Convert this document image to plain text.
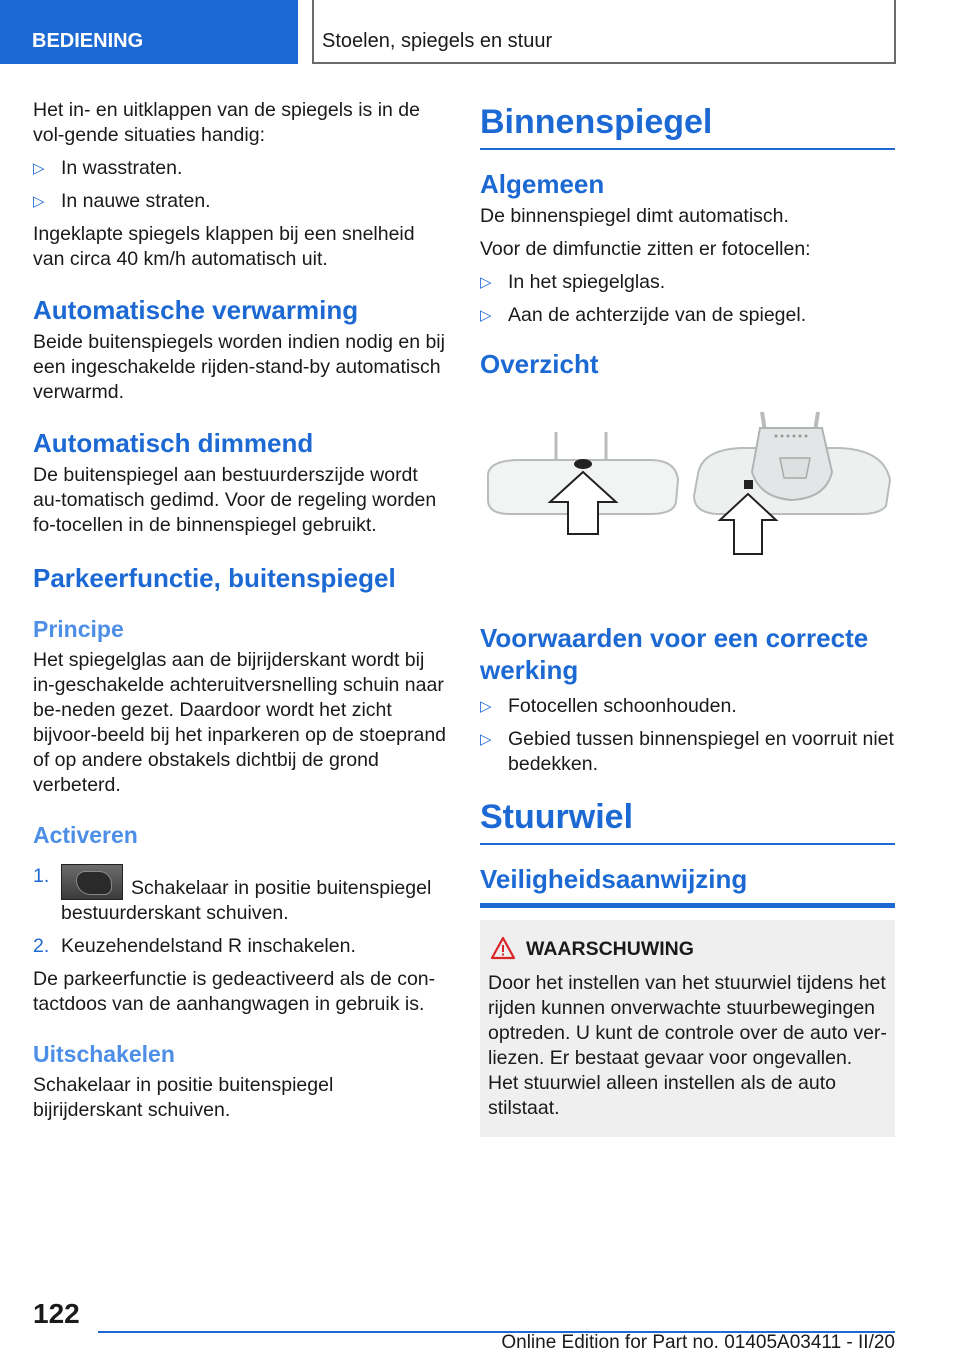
BEDIENING	Stoelen, spiegels en stuur

Het in- en uitklappen van de spiegels is in de vol-gende situaties handig:

▷ In wasstraten.
▷ In nauwe straten.

Ingeklapte spiegels klappen bij een snelheid van circa 40 km/h automatisch uit.

Automatische verwarming

Beide buitenspiegels worden indien nodig en bij een ingeschakelde rijden-stand-by automatisch verwarmd.

Automatisch dimmend

De buitenspiegel aan bestuurderszijde wordt au-tomatisch gedimd. Voor de regeling worden fo-tocellen in de binnenspiegel gebruikt.

Parkeerfunctie, buitenspiegel
Principe

Het spiegelglas aan de bijrijderskant wordt bij in-geschakelde achteruitversnelling schuin naar be-neden gezet. Daardoor wordt het zicht bijvoor-beeld bij het inparkeren op de stoeprand of op andere obstakels dichtbij de grond verbeterd.

Activeren
1.
Schakelaar in positie buitenspiegel bestuurderskant schuiven.
2. Keuzehendelstand R inschakelen.

De parkeerfunctie is gedeactiveerd als de con-tactdoos van de aanhangwagen in gebruik is.

Uitschakelen

Schakelaar in positie buitenspiegel bijrijderskant schuiven.

Binnenspiegel
Algemeen

De binnenspiegel dimt automatisch.

Voor de dimfunctie zitten er fotocellen:

▷ In het spiegelglas.
▷ Aan de achterzijde van de spiegel.
Overzicht
Voorwaarden voor een correcte werking
▷ Fotocellen schoonhouden.
▷ Gebied tussen binnenspiegel en voorruit niet bedekken.
Stuurwiel
Veiligheidsaanwijzing
WAARSCHUWING

Door het instellen van het stuurwiel tijdens het rijden kunnen onverwachte stuurbewegingen optreden. U kunt de controle over de auto ver-liezen. Er bestaat gevaar voor ongevallen. Het stuurwiel alleen instellen als de auto stilstaat.

122
Online Edition for Part no. 01405A03411 - II/20
